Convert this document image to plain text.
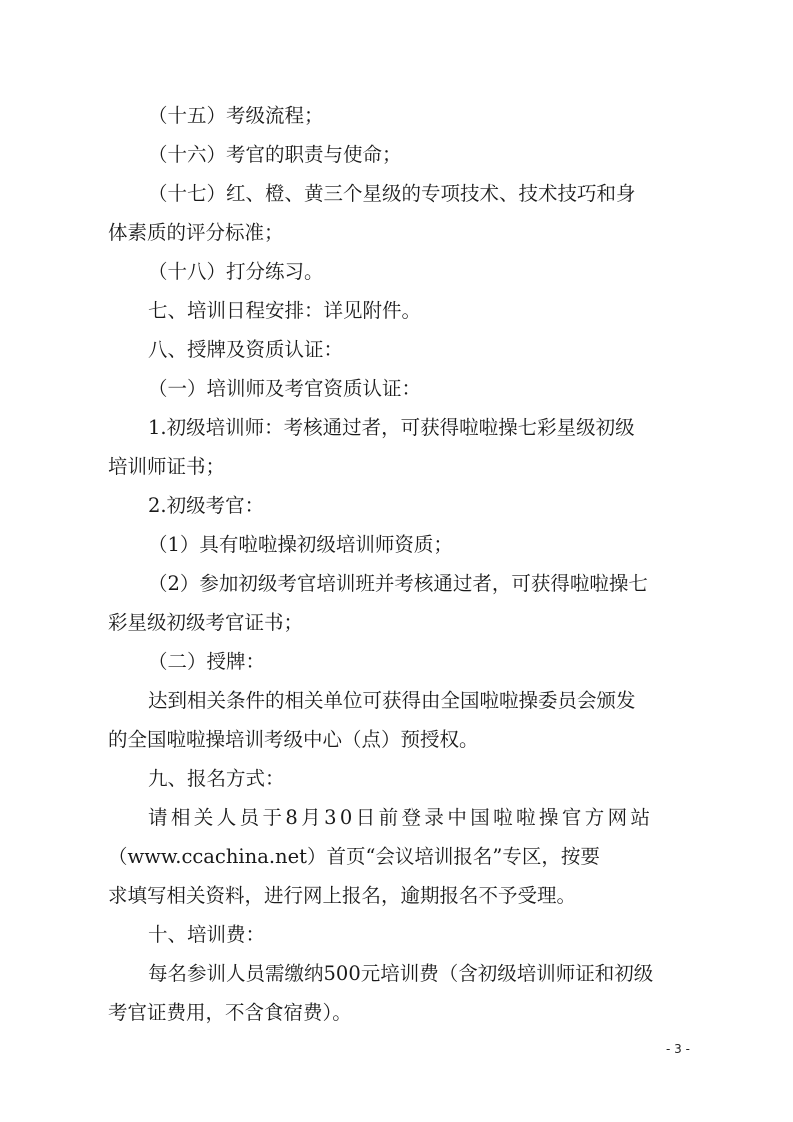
（十五）考级流程；
（十六）考官的职责与使命；
（十七）红、橙、黄三个星级的专项技术、技术技巧和身
体素质的评分标准；
（十八）打分练习。
七、培训日程安排：详见附件。
八、授牌及资质认证：
（一）培训师及考官资质认证：
1.初级培训师：考核通过者，可获得啦啦操七彩星级初级
培训师证书；
2.初级考官：
（1）具有啦啦操初级培训师资质；
（2）参加初级考官培训班并考核通过者，可获得啦啦操七
彩星级初级考官证书；
（二）授牌：
达到相关条件的相关单位可获得由全国啦啦操委员会颁发
的全国啦啦操培训考级中心（点）预授权。
九、报名方式：
请相关人员于8月30日前登录中国啦啦操官方网站
（www.ccachina.net）首页“会议培训报名”专区，按要
求填写相关资料，进行网上报名，逾期报名不予受理。
十、培训费：
每名参训人员需缴纳500元培训费（含初级培训师证和初级
考官证费用，不含食宿费）。
- 3 -
